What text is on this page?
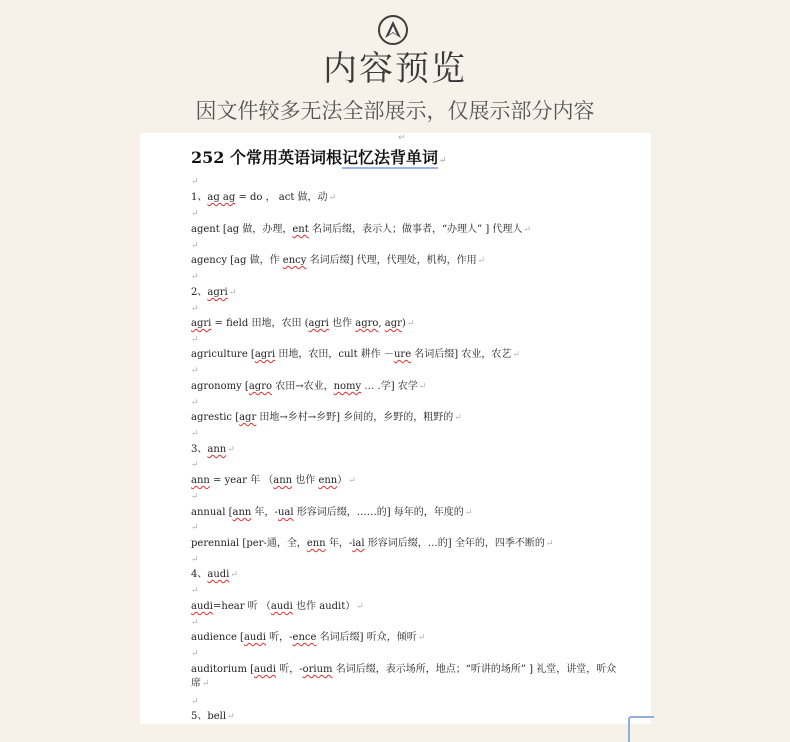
内容预览
因文件较多无法全部展示，仅展示部分内容
↵
252 个常用英语词根记忆法背单词↵
↵
1、ag ag = do ， act 做，动↵
↵
agent [ag 做，办理，ent 名词后缀，表示人；做事者，“办理人” ] 代理人↵
↵
agency [ag 做，作 ency 名词后缀] 代理，代理处，机构，作用↵
↵
2、agri↵
↵
agri = field 田地，农田 (agri 也作 agro, agr)↵
↵
agriculture [agri 田地，农田，cult 耕作 －ure 名词后缀] 农业，农艺↵
↵
agronomy [agro 农田→农业，nomy … .学] 农学↵
↵
agrestic [agr 田地→乡村→乡野] 乡间的，乡野的，粗野的↵
↵
3、ann↵
↵
ann = year 年 （ann 也作 enn）↵
↵
annual [ann 年，-ual 形容词后缀，……的] 每年的，年度的↵
↵
perennial [per-通，全，enn 年，-ial 形容词后缀，…的] 全年的，四季不断的↵
↵
4、audi↵
↵
audi=hear 听 （audi 也作 audit）↵
↵
audience [audi 听，-ence 名词后缀] 听众，倾听↵
↵
auditorium [audi 听，-orium 名词后缀，表示场所，地点；“听讲的场所” ] 礼堂，讲堂，听众席↵
↵
5、bell↵
